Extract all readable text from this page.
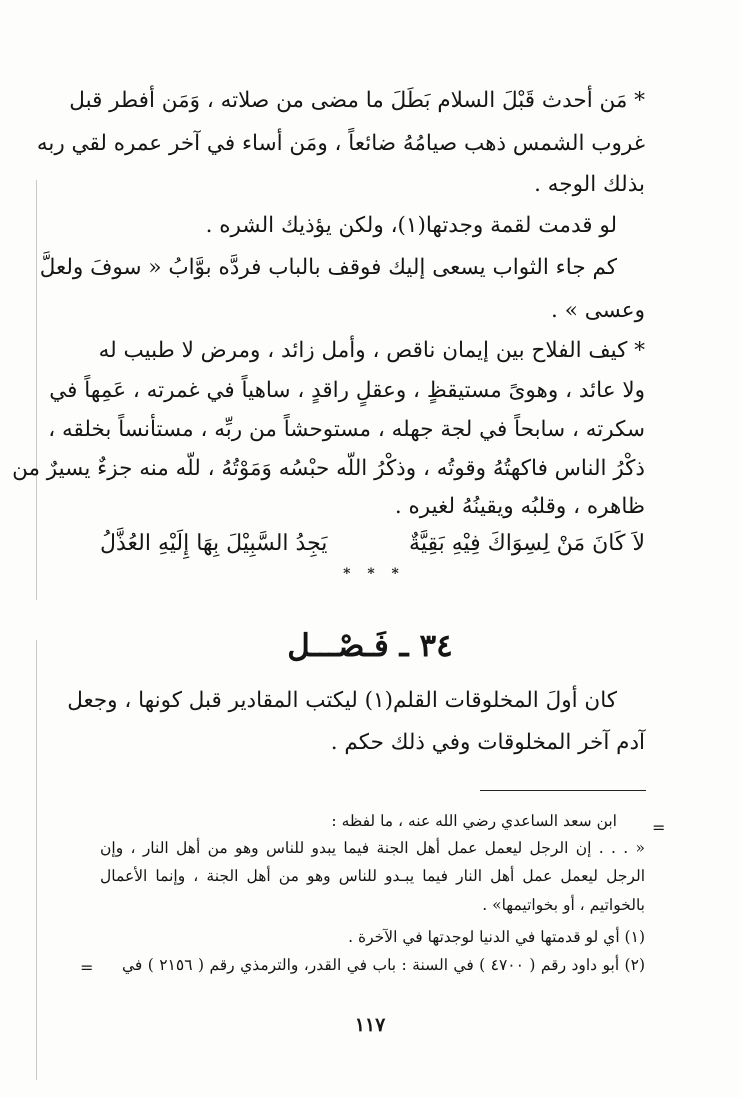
* مَن أحدث قَبْلَ السلام بَطَلَ ما مضى من صلاته ، وَمَن أفطر قبل
غروب الشمس ذهب صيامُهُ ضائعاً ، ومَن أساء في آخر عمره لقي ربه
بذلك الوجه .
لو قدمت لقمة وجدتها(١)، ولكن يؤذيك الشره .
كم جاء الثواب يسعى إليك فوقف بالباب فردَّه بوَّابُ « سوفَ ولعلَّ
وعسى » .
* كيف الفلاح بين إيمان ناقص ، وأمل زائد ، ومرض لا طبيب له
ولا عائد ، وهوىً مستيقظٍ ، وعقلٍ راقدٍ ، ساهياً في غمرته ، عَمِهاً في
سكرته ، سابحاً في لجة جهله ، مستوحشاً من ربِّه ، مستأنساً بخلقه ،
ذكْرُ الناس فاكهتُهُ وقوتُه ، وذكْرُ اللّه حبْسُه وَمَوْتُهُ ، للّه منه جزءٌ يسيرٌ من
ظاهره ، وقلبُه ويقينُهُ لغيره .
لاَ كَانَ مَنْ لِسِوَاكَ فِيْهِ بَقِيَّةٌ
يَجِدُ السَّبِيْلَ بِهَا إِلَيْهِ العُذَّلُ
* * *
٣٤ ـ فَـصْـــل
كان أولَ المخلوقات القلم(١) ليكتب المقادير قبل كونها ، وجعل
آدم آخر المخلوقات وفي ذلك حكم .
=
ابن سعد الساعدي رضي الله عنه ، ما لفظه :
« . . . إن الرجل ليعمل عمل أهل الجنة فيما يبدو للناس وهو من أهل النار ، وإن
الرجل ليعمل عمل أهل النار فيما يبـدو للناس وهو من أهل الجنة ، وإنما الأعمال
بالخواتيم ، أو بخواتيمها» .
(١) أي لو قدمتها في الدنيا لوجدتها في الآخرة .
(٢) أبو داود رقم ( ٤٧٠٠ ) في السنة : باب في القدر، والترمذي رقم ( ٢١٥٦ ) في
=
١١٧
